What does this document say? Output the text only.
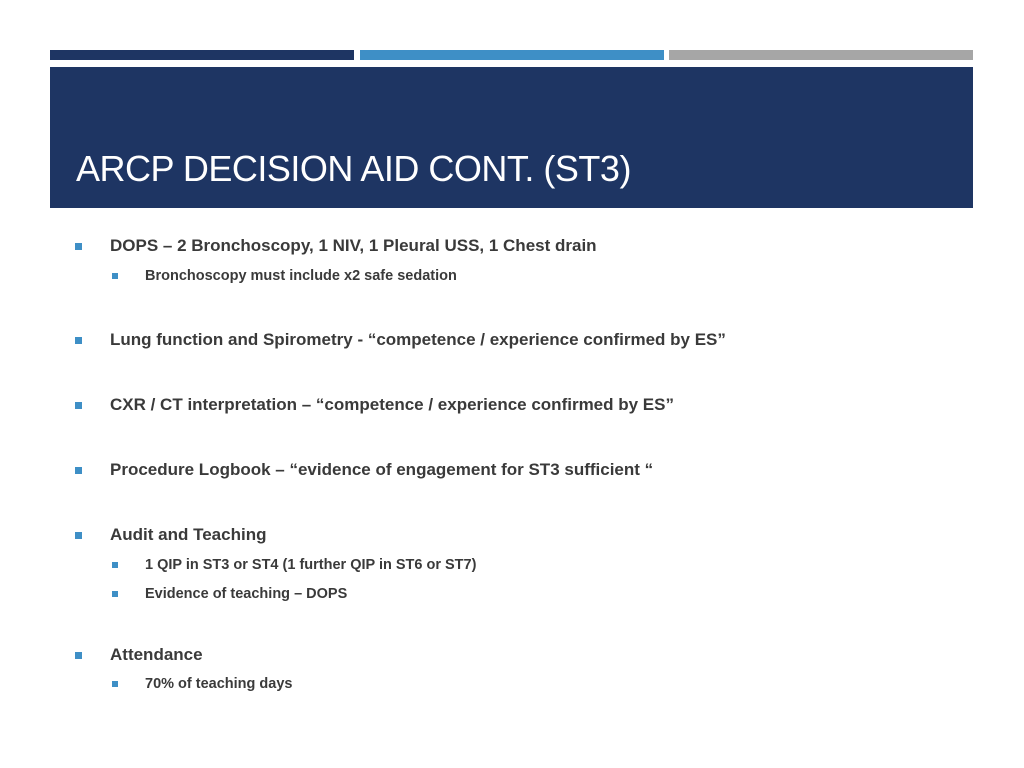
ARCP DECISION AID CONT. (ST3)
DOPS – 2 Bronchoscopy, 1 NIV, 1 Pleural USS, 1 Chest drain
Bronchoscopy must include x2 safe sedation
Lung function and Spirometry - “competence / experience confirmed by ES”
CXR / CT interpretation – “competence / experience confirmed by ES”
Procedure Logbook – “evidence of engagement for ST3 sufficient “
Audit and Teaching
1 QIP in ST3 or ST4 (1 further QIP in ST6 or ST7)
Evidence of teaching – DOPS
Attendance
70% of teaching days
